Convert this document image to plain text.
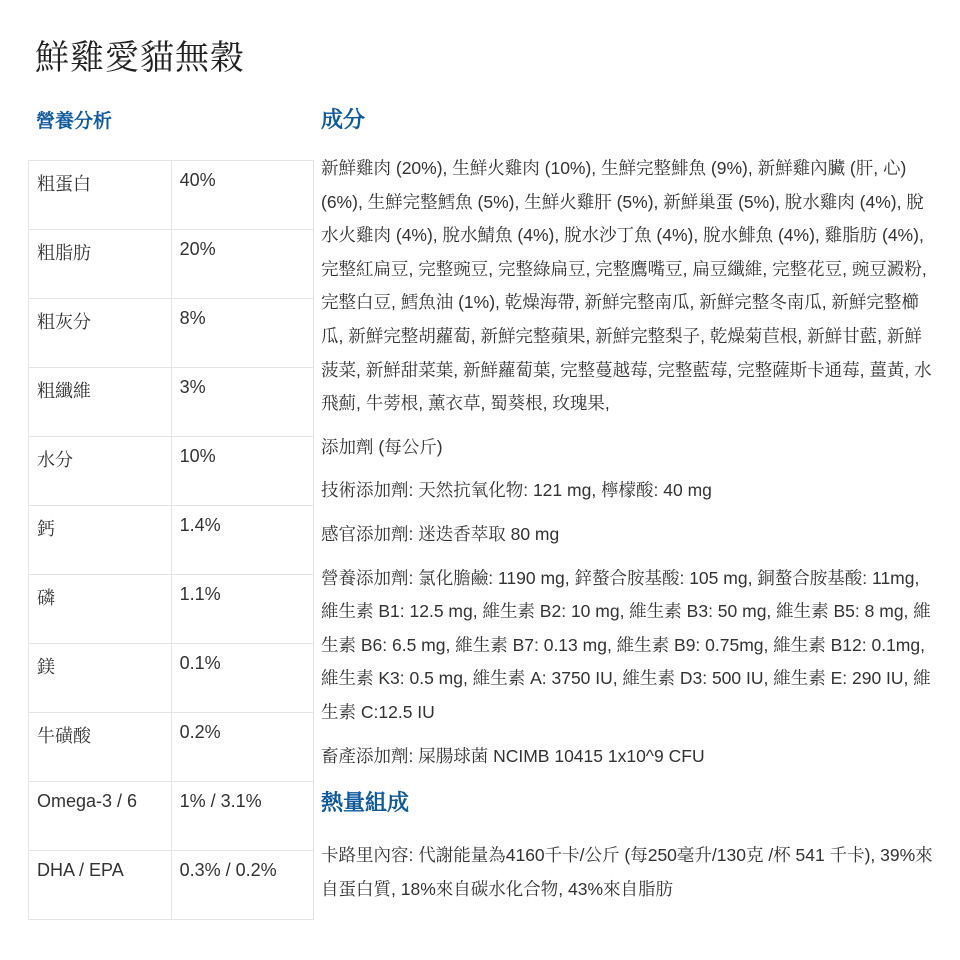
鮮雞愛貓無穀
營養分析
粗蛋白	40%
粗脂肪	20%
粗灰分	8%
粗纖維	3%
水分	10%
鈣	1.4%
磷	1.1%
鎂	0.1%
牛磺酸	0.2%
Omega-3 / 6	1% / 3.1%
DHA / EPA	0.3% / 0.2%
成分

新鮮雞肉 (20%), 生鮮火雞肉 (10%), 生鮮完整鯡魚 (9%), 新鮮雞內臟 (肝, 心) (6%), 生鮮完整鱈魚 (5%), 生鮮火雞肝 (5%), 新鮮巢蛋 (5%), 脫水雞肉 (4%), 脫水火雞肉 (4%), 脫水鯖魚 (4%), 脫水沙丁魚 (4%), 脫水鯡魚 (4%), 雞脂肪 (4%), 完整紅扁豆, 完整豌豆, 完整綠扁豆, 完整鷹嘴豆, 扁豆纖維, 完整花豆, 豌豆澱粉, 完整白豆, 鱈魚油 (1%), 乾燥海帶, 新鮮完整南瓜, 新鮮完整冬南瓜, 新鮮完整櫛瓜, 新鮮完整胡蘿蔔, 新鮮完整蘋果, 新鮮完整梨子, 乾燥菊苣根, 新鮮甘藍, 新鮮菠菜, 新鮮甜菜葉, 新鮮蘿蔔葉, 完整蔓越莓, 完整藍莓, 完整薩斯卡通莓, 薑黃, 水飛薊, 牛蒡根, 薰衣草, 蜀葵根, 玫瑰果,

添加劑 (每公斤)

技術添加劑: 天然抗氧化物: 121 mg, 檸檬酸: 40 mg

感官添加劑: 迷迭香萃取 80 mg

營養添加劑: 氯化膽鹼: 1190 mg, 鋅螯合胺基酸: 105 mg, 銅螯合胺基酸: 11mg, 維生素 B1: 12.5 mg, 維生素 B2: 10 mg, 維生素 B3: 50 mg, 維生素 B5: 8 mg, 維生素 B6: 6.5 mg, 維生素 B7: 0.13 mg, 維生素 B9: 0.75mg, 維生素 B12: 0.1mg, 維生素 K3: 0.5 mg, 維生素 A: 3750 IU, 維生素 D3: 500 IU, 維生素 E: 290 IU, 維生素 C:12.5 IU

畜產添加劑: 屎腸球菌 NCIMB 10415 1x10^9 CFU

熱量組成

卡路里內容: 代謝能量為4160千卡/公斤 (每250毫升/130克 /杯 541 千卡), 39%來自蛋白質, 18%來自碳水化合物, 43%來自脂肪
